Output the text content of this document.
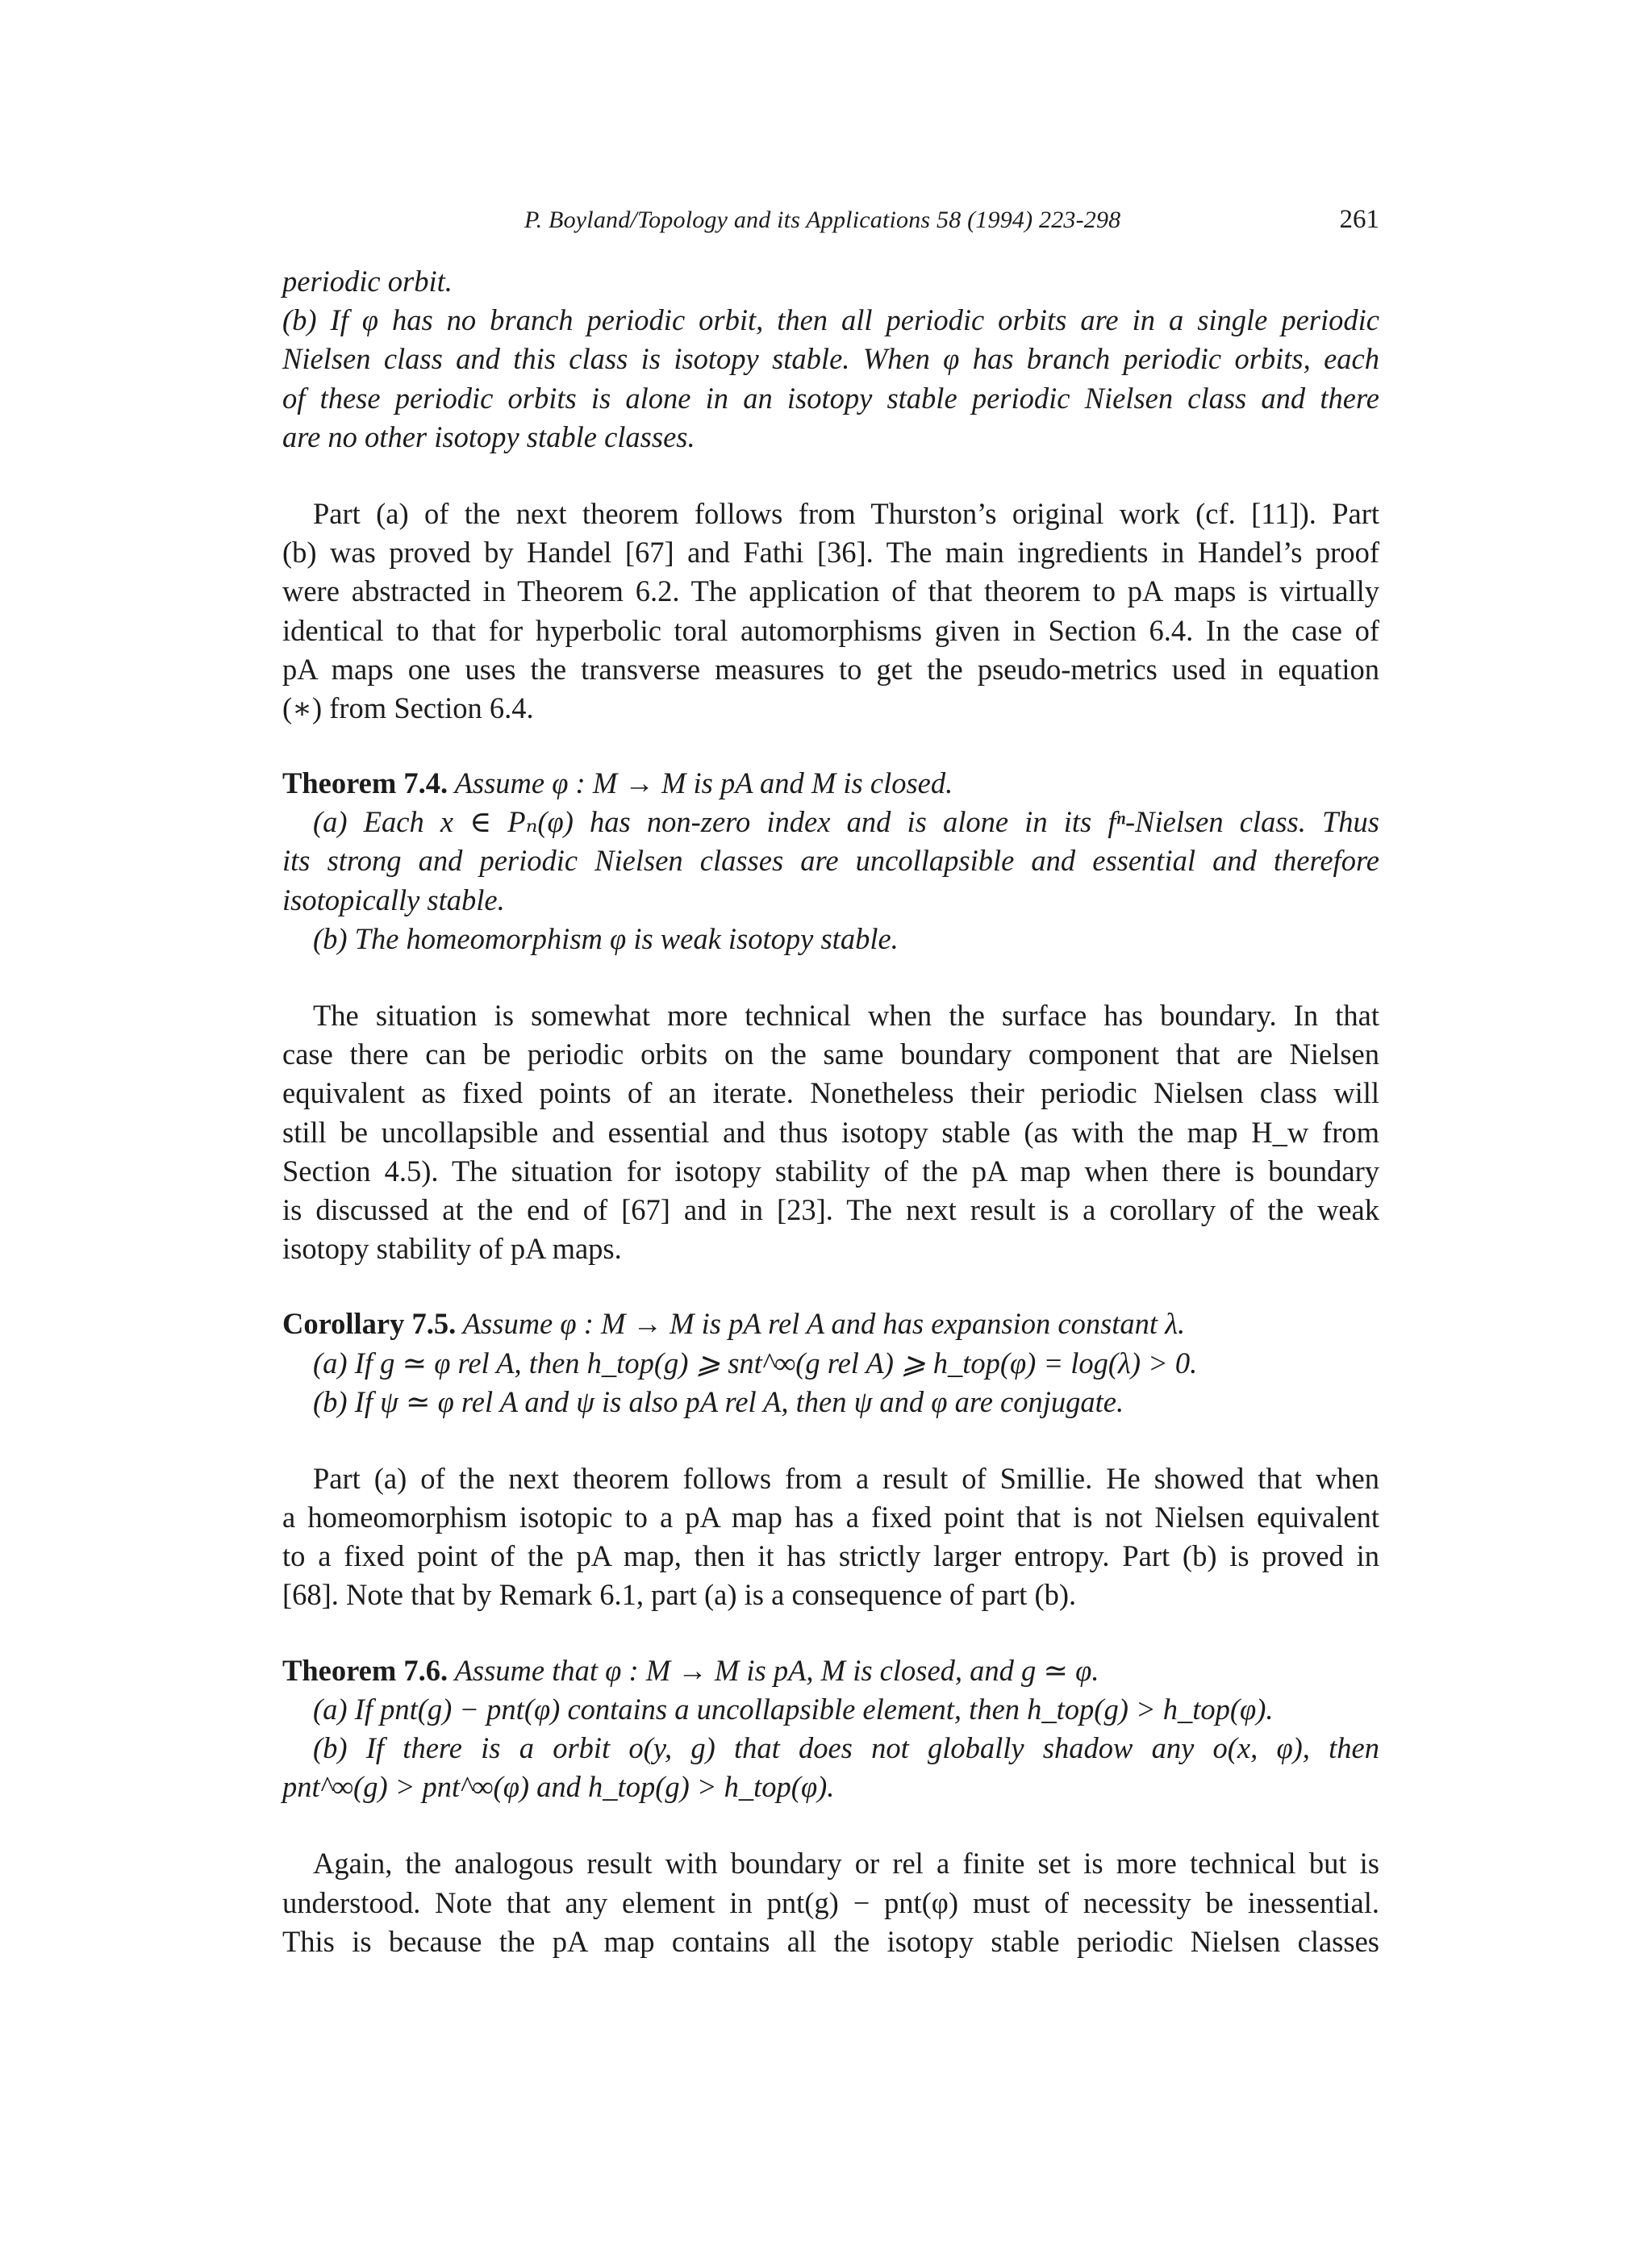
P. Boyland/Topology and its Applications 58 (1994) 223-298	261
periodic orbit.
(b) If φ has no branch periodic orbit, then all periodic orbits are in a single periodic
Nielsen class and this class is isotopy stable. When φ has branch periodic orbits, each
of these periodic orbits is alone in an isotopy stable periodic Nielsen class and there
are no other isotopy stable classes.
Part (a) of the next theorem follows from Thurston’s original work (cf. [11]). Part
(b) was proved by Handel [67] and Fathi [36]. The main ingredients in Handel’s proof
were abstracted in Theorem 6.2. The application of that theorem to pA maps is virtually
identical to that for hyperbolic toral automorphisms given in Section 6.4. In the case of
pA maps one uses the transverse measures to get the pseudo-metrics used in equation
(∗) from Section 6.4.
Theorem 7.4. Assume φ : M → M is pA and M is closed.
(a) Each x ∈ Pₙ(φ) has non-zero index and is alone in its fⁿ-Nielsen class. Thus
its strong and periodic Nielsen classes are uncollapsible and essential and therefore
isotopically stable.
(b) The homeomorphism φ is weak isotopy stable.
The situation is somewhat more technical when the surface has boundary. In that
case there can be periodic orbits on the same boundary component that are Nielsen
equivalent as fixed points of an iterate. Nonetheless their periodic Nielsen class will
still be uncollapsible and essential and thus isotopy stable (as with the map H_w from
Section 4.5). The situation for isotopy stability of the pA map when there is boundary
is discussed at the end of [67] and in [23]. The next result is a corollary of the weak
isotopy stability of pA maps.
Corollary 7.5. Assume φ : M → M is pA rel A and has expansion constant λ.
(a) If g ≃ φ rel A, then h_top(g) ⩾ snt^∞(g rel A) ⩾ h_top(φ) = log(λ) > 0.
(b) If ψ ≃ φ rel A and ψ is also pA rel A, then ψ and φ are conjugate.
Part (a) of the next theorem follows from a result of Smillie. He showed that when
a homeomorphism isotopic to a pA map has a fixed point that is not Nielsen equivalent
to a fixed point of the pA map, then it has strictly larger entropy. Part (b) is proved in
[68]. Note that by Remark 6.1, part (a) is a consequence of part (b).
Theorem 7.6. Assume that φ : M → M is pA, M is closed, and g ≃ φ.
(a) If pnt(g) − pnt(φ) contains a uncollapsible element, then h_top(g) > h_top(φ).
(b) If there is a orbit o(y, g) that does not globally shadow any o(x, φ), then
pnt^∞(g) > pnt^∞(φ) and h_top(g) > h_top(φ).
Again, the analogous result with boundary or rel a finite set is more technical but is
understood. Note that any element in pnt(g) − pnt(φ) must of necessity be inessential.
This is because the pA map contains all the isotopy stable periodic Nielsen classes
